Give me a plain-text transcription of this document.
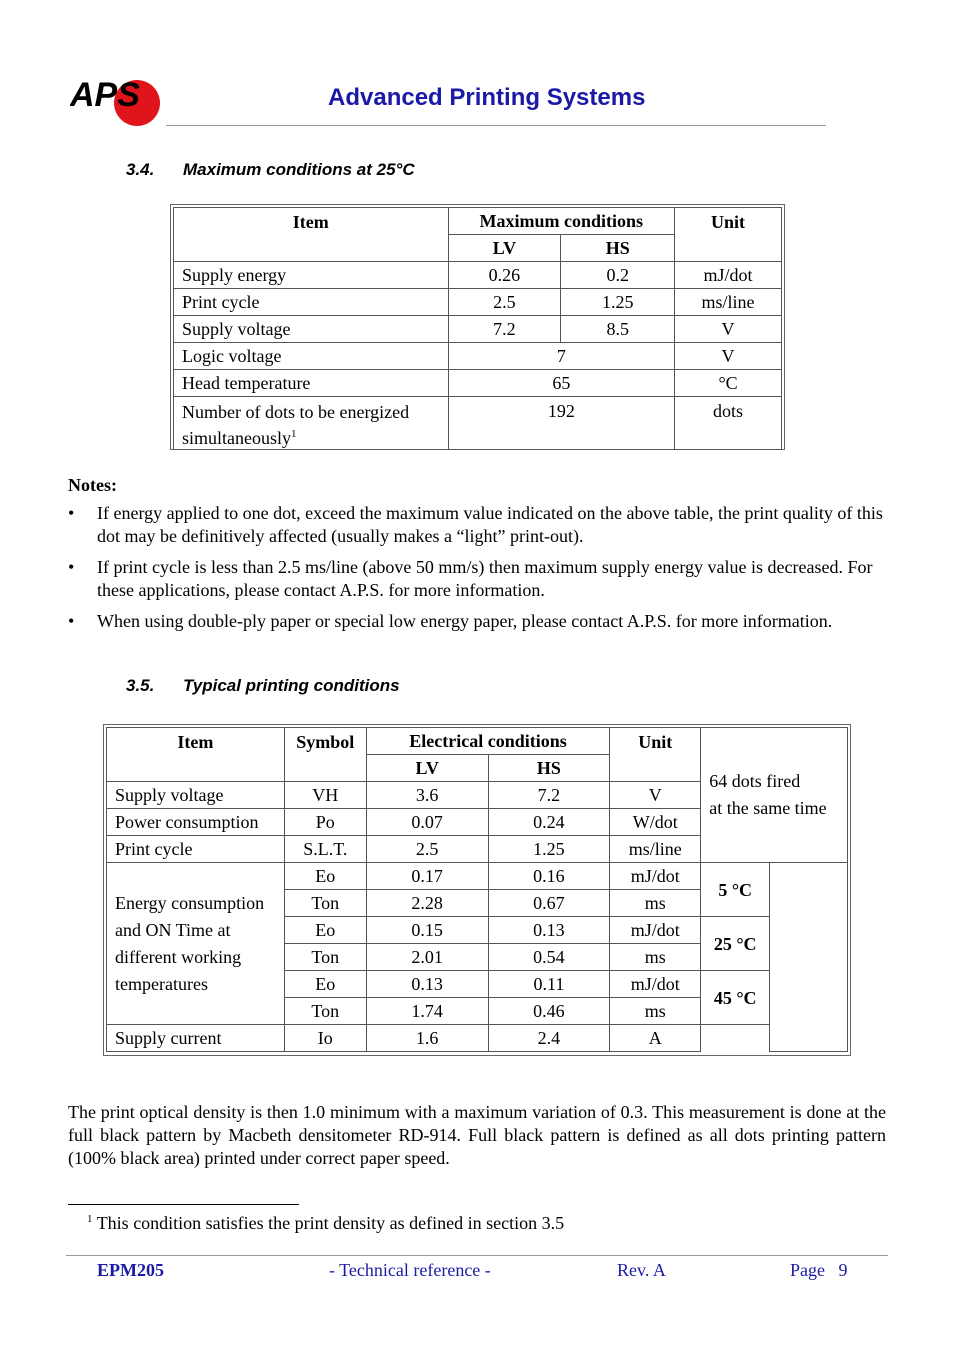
APS	Advanced Printing Systems
3.4. Maximum conditions at 25°C
Item	Maximum conditions		Unit
	LV	HS	
Supply energy	0.26	0.2	mJ/dot
Print cycle	2.5	1.25	ms/line
Supply voltage	7.2	8.5	V
Logic voltage	7		V
Head temperature	65		°C
Number of dots to be energized
simultaneously$^1$	192		dots
Notes:
• If energy applied to one dot, exceed the maximum value indicated on the above table, the print quality of this dot may be definitively affected (usually makes a “light” print-out).
• If print cycle is less than 2.5 ms/line (above 50 mm/s) then maximum supply energy value is decreased. For these applications, please contact A.P.S. for more information.
• When using double-ply paper or special low energy paper, please contact A.P.S. for more information.
3.5. Typical printing conditions
Item	Symbol	Electrical conditions		Unit	64 dots fired
at the same time	
		LV	HS			
Supply voltage	VH	3.6	7.2	V		
Power consumption	Po	0.07	0.24	W/dot		
Print cycle	S.L.T.	2.5	1.25	ms/line		
Energy consumption
and ON Time at
different working
temperatures	Eo	0.17	0.16	mJ/dot	5 °C	
	Ton	2.28	0.67	ms		
	Eo	0.15	0.13	mJ/dot	25 °C	
	Ton	2.01	0.54	ms		
	Eo	0.13	0.11	mJ/dot	45 °C	
	Ton	1.74	0.46	ms		
Supply current	Io	1.6	2.4	A		
The print optical density is then 1.0 minimum with a maximum variation of 0.3. This measurement is done at the full black pattern by Macbeth densitometer RD-914. Full black pattern is defined as all dots printing pattern (100% black area) printed under correct paper speed.
$^1$ This condition satisfies the print density as defined in section 3.5
EPM205	- Technical reference -	Rev. A	Page 9
